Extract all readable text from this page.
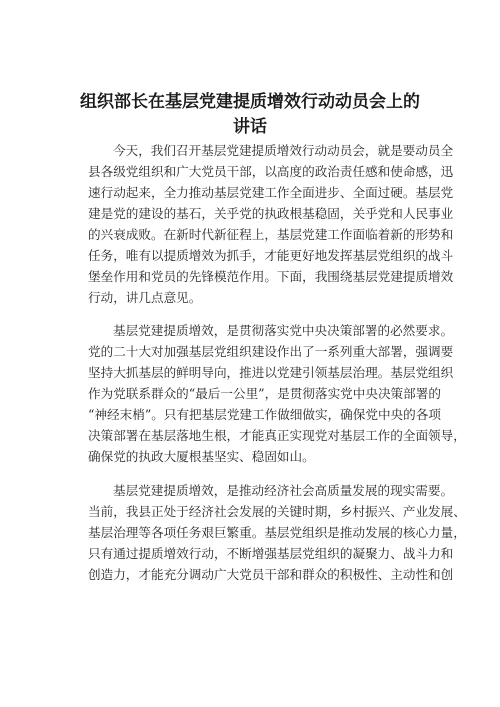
组织部长在基层党建提质增效行动动员会上的
讲话

今天，我们召开基层党建提质增效行动动员会，就是要动员全
县各级党组织和广大党员干部，以高度的政治责任感和使命感，迅
速行动起来，全力推动基层党建工作全面进步、全面过硬。基层党
建是党的建设的基石，关乎党的执政根基稳固，关乎党和人民事业
的兴衰成败。在新时代新征程上，基层党建工作面临着新的形势和
任务，唯有以提质增效为抓手，才能更好地发挥基层党组织的战斗
堡垒作用和党员的先锋模范作用。下面，我围绕基层党建提质增效
行动，讲几点意见。

基层党建提质增效，是贯彻落实党中央决策部署的必然要求。
党的二十大对加强基层党组织建设作出了一系列重大部署，强调要
坚持大抓基层的鲜明导向，推进以党建引领基层治理。基层党组织
作为党联系群众的“最后一公里”，是贯彻落实党中央决策部署的
“神经末梢”。只有把基层党建工作做细做实，确保党中央的各项
决策部署在基层落地生根，才能真正实现党对基层工作的全面领导，
确保党的执政大厦根基坚实、稳固如山。

基层党建提质增效，是推动经济社会高质量发展的现实需要。
当前，我县正处于经济社会发展的关键时期，乡村振兴、产业发展、
基层治理等各项任务艰巨繁重。基层党组织是推动发展的核心力量，
只有通过提质增效行动，不断增强基层党组织的凝聚力、战斗力和
创造力，才能充分调动广大党员干部和群众的积极性、主动性和创
